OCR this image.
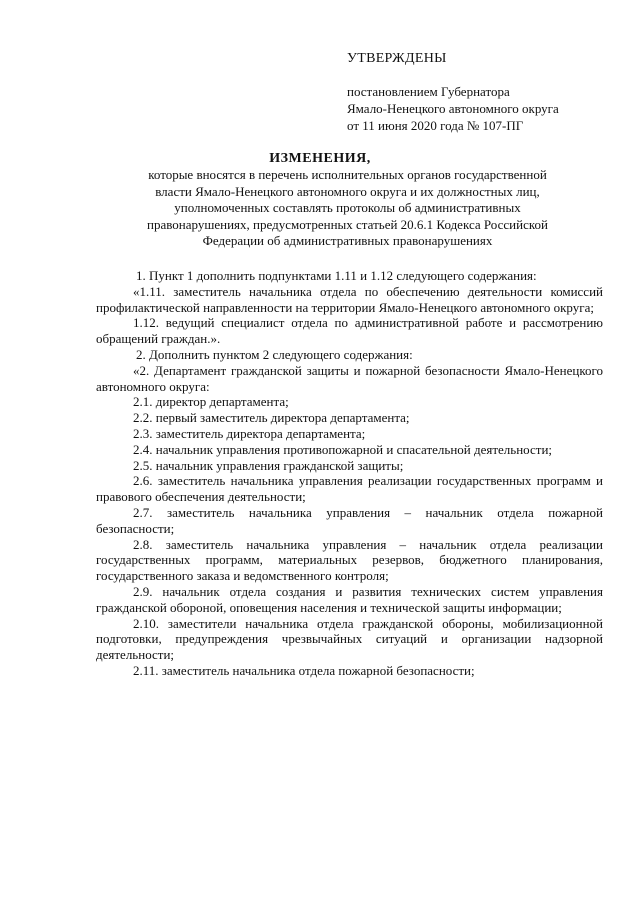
УТВЕРЖДЕНЫ
постановлением Губернатора
Ямало-Ненецкого автономного округа
от 11 июня 2020 года № 107-ПГ
ИЗМЕНЕНИЯ,
которые вносятся в перечень исполнительных органов государственной
власти Ямало-Ненецкого автономного округа и их должностных лиц,
уполномоченных составлять протоколы об административных
правонарушениях, предусмотренных статьей 20.6.1 Кодекса Российской
Федерации об административных правонарушениях

1. Пункт 1 дополнить подпунктами 1.11 и 1.12 следующего содержания:

«1.11. заместитель начальника отдела по обеспечению деятельности комиссий профилактической направленности на территории Ямало-Ненецкого автономного округа;

1.12. ведущий специалист отдела по административной работе и рассмотрению обращений граждан.».

2. Дополнить пунктом 2 следующего содержания:

«2. Департамент гражданской защиты и пожарной безопасности Ямало-Ненецкого автономного округа:

2.1. директор департамента;

2.2. первый заместитель директора департамента;

2.3. заместитель директора департамента;

2.4. начальник управления противопожарной и спасательной деятельности;

2.5. начальник управления гражданской защиты;

2.6. заместитель начальника управления реализации государственных программ и правового обеспечения деятельности;

2.7. заместитель начальника управления – начальник отдела пожарной безопасности;

2.8. заместитель начальника управления – начальник отдела реализации государственных программ, материальных резервов, бюджетного планирования, государственного заказа и ведомственного контроля;

2.9. начальник отдела создания и развития технических систем управления гражданской обороной, оповещения населения и технической защиты информации;

2.10. заместители начальника отдела гражданской обороны, мобилизационной подготовки, предупреждения чрезвычайных ситуаций и организации надзорной деятельности;

2.11. заместитель начальника отдела пожарной безопасности;
